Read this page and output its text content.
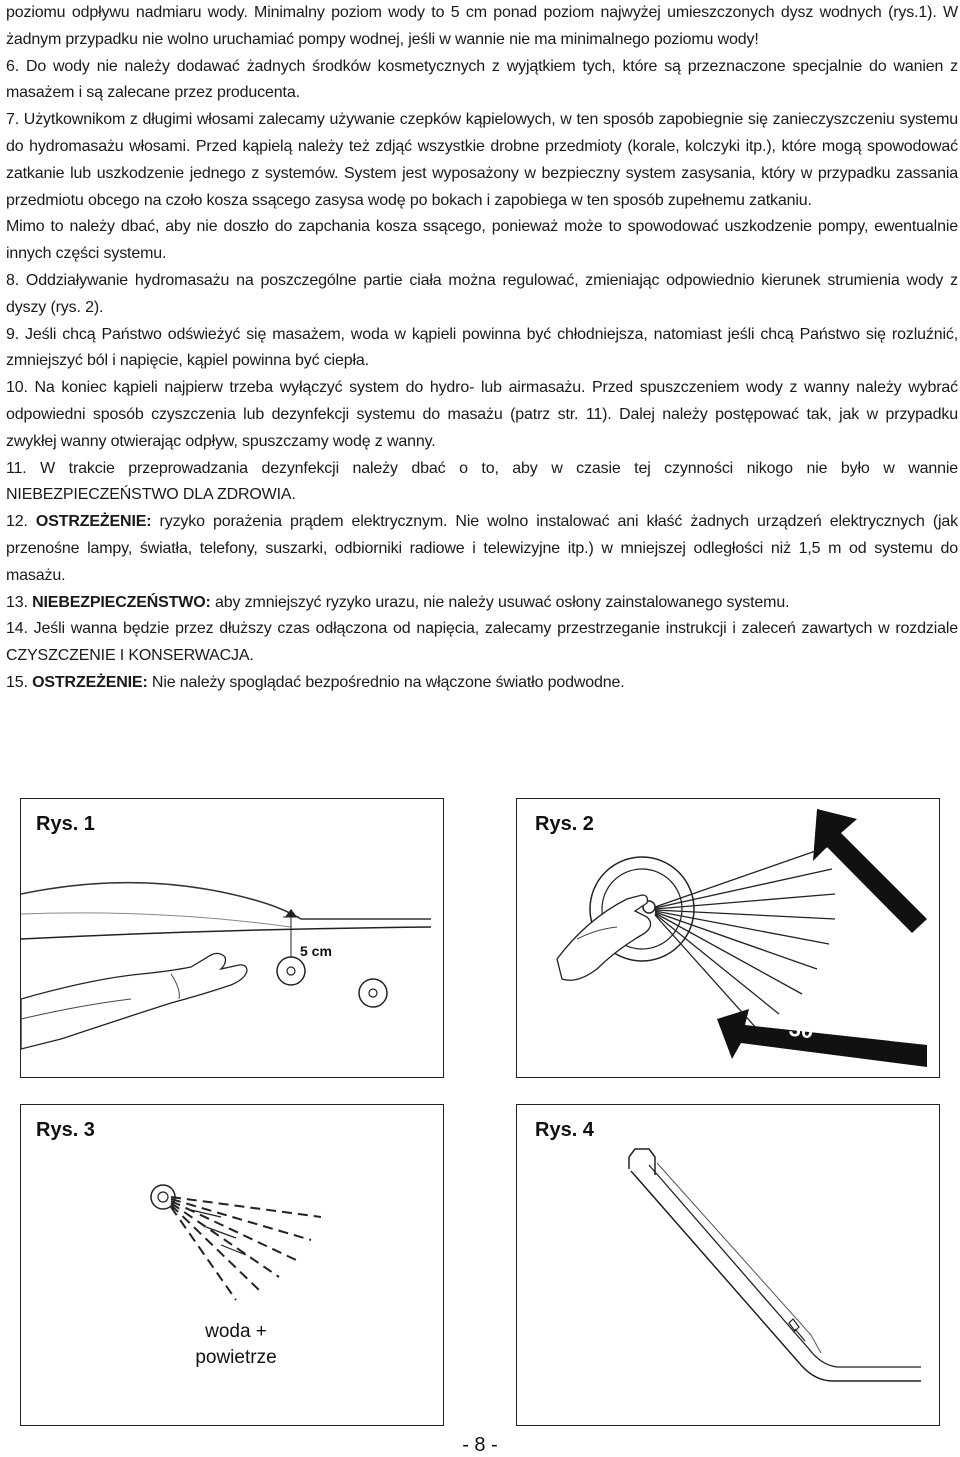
poziomu odpływu nadmiaru wody. Minimalny poziom wody to 5 cm ponad poziom najwyżej umieszczonych dysz wodnych (rys.1). W żadnym przypadku nie wolno uruchamiać pompy wodnej, jeśli w wannie nie ma minimalnego poziomu wody!

6. Do wody nie należy dodawać żadnych środków kosmetycznych z wyjątkiem tych, które są przeznaczone specjalnie do wanien z masażem i są zalecane przez producenta.

7. Użytkownikom z długimi włosami zalecamy używanie czepków kąpielowych, w ten sposób zapobiegnie się zanieczyszczeniu systemu do hydromasażu włosami. Przed kąpielą należy też zdjąć wszystkie drobne przedmioty (korale, kolczyki itp.), które mogą spowodować zatkanie lub uszkodzenie jednego z systemów. System jest wyposażony w bezpieczny system zasysania, który w przypadku zassania przedmiotu obcego na czoło kosza ssącego zasysa wodę po bokach i zapobiega w ten sposób zupełnemu zatkaniu.

Mimo to należy dbać, aby nie doszło do zapchania kosza ssącego, ponieważ może to spowodować uszkodzenie pompy, ewentualnie innych części systemu.

8. Oddziaływanie hydromasażu na poszczególne partie ciała można regulować, zmieniając odpowiednio kierunek strumienia wody z dyszy (rys. 2).

9. Jeśli chcą Państwo odświeżyć się masażem, woda w kąpieli powinna być chłodniejsza, natomiast jeśli chcą Państwo się rozluźnić, zmniejszyć ból i napięcie, kąpiel powinna być ciepła.

10. Na koniec kąpieli najpierw trzeba wyłączyć system do hydro- lub airmasażu. Przed spuszczeniem wody z wanny należy wybrać odpowiedni sposób czyszczenia lub dezynfekcji systemu do masażu (patrz str. 11). Dalej należy postępować tak, jak w przypadku zwykłej wanny otwierając odpływ, spuszczamy wodę z wanny.

11. W trakcie przeprowadzania dezynfekcji należy dbać o to, aby w czasie tej czynności nikogo nie było w wannie NIEBEZPIECZEŃSTWO DLA ZDROWIA.

12. OSTRZEŻENIE: ryzyko porażenia prądem elektrycznym. Nie wolno instalować ani kłaść żadnych urządzeń elektrycznych (jak przenośne lampy, światła, telefony, suszarki, odbiorniki radiowe i telewizyjne itp.) w mniejszej odległości niż 1,5 m od systemu do masażu.

13. NIEBEZPIECZEŃSTWO: aby zmniejszyć ryzyko urazu, nie należy usuwać osłony zainstalowanego systemu.

14. Jeśli wanna będzie przez dłuższy czas odłączona od napięcia, zalecamy przestrzeganie instrukcji i zaleceń zawartych w rozdziale CZYSZCZENIE I KONSERWACJA.

15. OSTRZEŻENIE: Nie należy spoglądać bezpośrednio na włączone światło podwodne.

Rys. 1
5 cm
Rys. 2
30
30
Rys. 3
woda +
powietrze
Rys. 4
- 8 -
